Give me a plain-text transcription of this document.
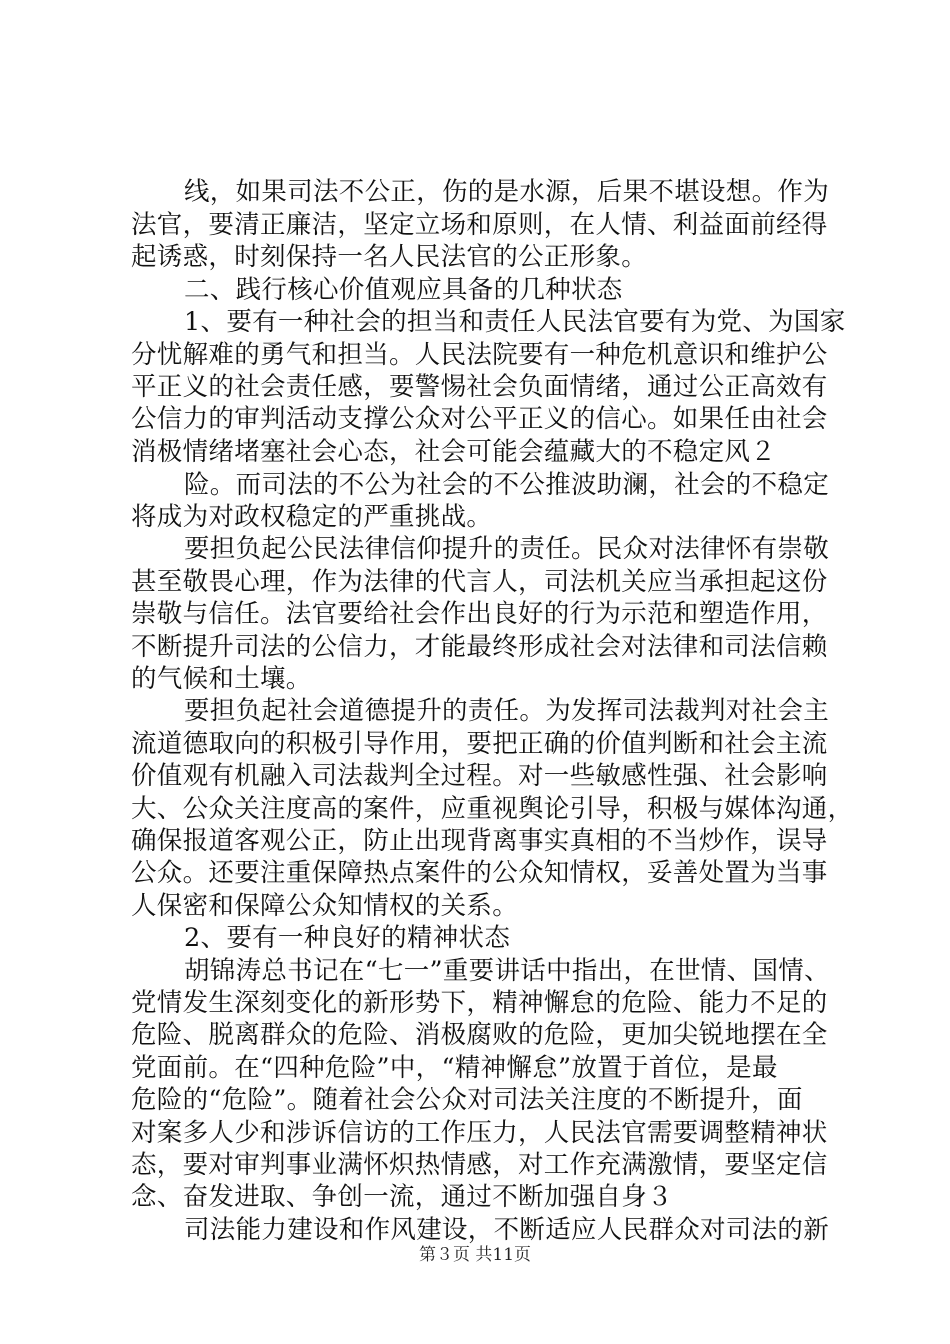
线，如果司法不公正，伤的是水源，后果不堪设想。作为

法官，要清正廉洁，坚定立场和原则，在人情、利益面前经得

起诱惑，时刻保持一名人民法官的公正形象。

二、践行核心价值观应具备的几种状态

1、要有一种社会的担当和责任人民法官要有为党、为国家

分忧解难的勇气和担当。人民法院要有一种危机意识和维护公

平正义的社会责任感，要警惕社会负面情绪，通过公正高效有

公信力的审判活动支撑公众对公平正义的信心。如果任由社会

消极情绪堵塞社会心态，社会可能会蕴藏大的不稳定风２

险。而司法的不公为社会的不公推波助澜，社会的不稳定

将成为对政权稳定的严重挑战。

要担负起公民法律信仰提升的责任。民众对法律怀有崇敬

甚至敬畏心理，作为法律的代言人，司法机关应当承担起这份

崇敬与信任。法官要给社会作出良好的行为示范和塑造作用，

不断提升司法的公信力，才能最终形成社会对法律和司法信赖

的气候和土壤。

要担负起社会道德提升的责任。为发挥司法裁判对社会主

流道德取向的积极引导作用，要把正确的价值判断和社会主流

价值观有机融入司法裁判全过程。对一些敏感性强、社会影响

大、公众关注度高的案件，应重视舆论引导，积极与媒体沟通，

确保报道客观公正，防止出现背离事实真相的不当炒作，误导

公众。还要注重保障热点案件的公众知情权，妥善处置为当事

人保密和保障公众知情权的关系。

2、要有一种良好的精神状态

胡锦涛总书记在“七一”重要讲话中指出，在世情、国情、

党情发生深刻变化的新形势下，精神懈怠的危险、能力不足的

危险、脱离群众的危险、消极腐败的危险，更加尖锐地摆在全

党面前。在“四种危险”中，“精神懈怠”放置于首位，是最

危险的“危险”。随着社会公众对司法关注度的不断提升，面

对案多人少和涉诉信访的工作压力，人民法官需要调整精神状

态，要对审判事业满怀炽热情感，对工作充满激情，要坚定信

念、奋发进取、争创一流，通过不断加强自身３

司法能力建设和作风建设，不断适应人民群众对司法的新

第３页 共11页
